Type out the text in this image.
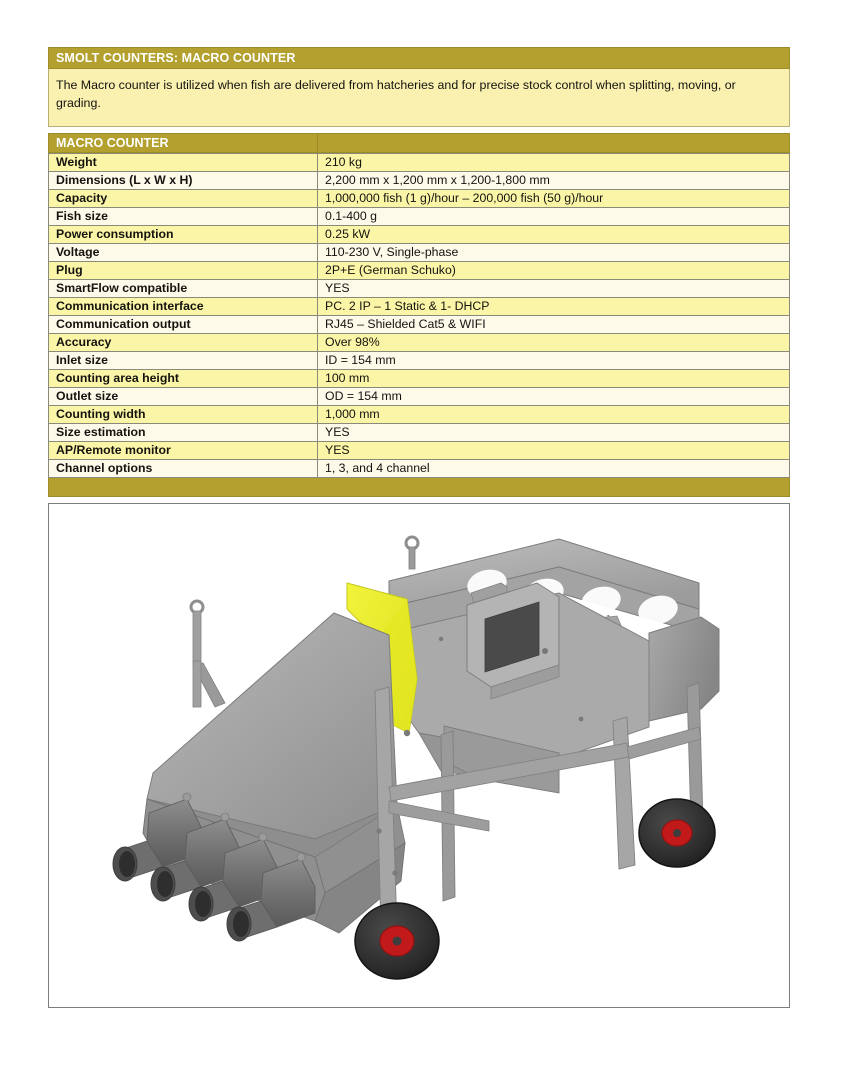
SMOLT COUNTERS: MACRO COUNTER

The Macro counter is utilized when fish are delivered from hatcheries and for precise stock control when splitting, moving, or grading.

MACRO COUNTER
Weight	210 kg
Dimensions (L x W x H)	2,200 mm x 1,200 mm x 1,200-1,800 mm
Capacity	1,000,000 fish (1 g)/hour – 200,000 fish (50 g)/hour
Fish size	0.1-400 g
Power consumption	0.25 kW
Voltage	110-230 V, Single-phase
Plug	2P+E (German Schuko)
SmartFlow compatible	YES
Communication interface	PC. 2 IP – 1 Static & 1- DHCP
Communication output	RJ45 – Shielded Cat5 & WIFI
Accuracy	Over 98%
Inlet size	ID = 154 mm
Counting area height	100 mm
Outlet size	OD = 154 mm
Counting width	1,000 mm
Size estimation	YES
AP/Remote monitor	YES
Channel options	1, 3, and 4 channel
